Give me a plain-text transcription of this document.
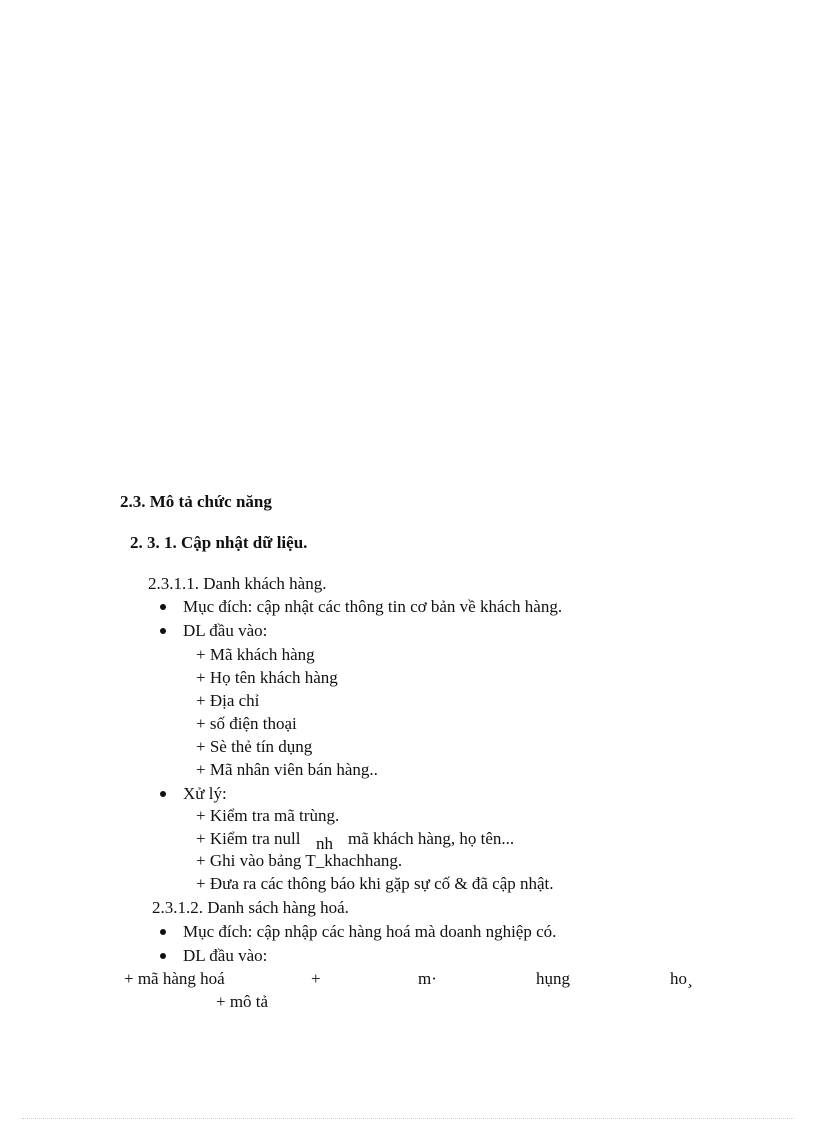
2.3. Mô tả chức năng
2. 3. 1. Cập nhật dữ liệu.
2.3.1.1. Danh khách hàng.
Mục đích: cập nhật các thông tin cơ bản về khách hàng.
DL đầu vào:
+ Mã khách hàng
+ Họ tên khách hàng
+ Địa chỉ
+ số điện thoại
+ Sè thẻ tín dụng
+ Mã nhân viên bán hàng..
Xử lý:
+ Kiểm tra mã trùng.
+ Kiểm tra null nh mã khách hàng, họ tên...
+ Ghi vào bảng T_khachhang.
+ Đưa ra các thông báo khi gặp sự cố & đã cập nhật.
2.3.1.2. Danh sách hàng hoá.
Mục đích: cập nhập các hàng hoá mà doanh nghiệp có.
DL đầu vào:
+ mã hàng hoá	+	m·	hụng	ho¸
+ mô tả
